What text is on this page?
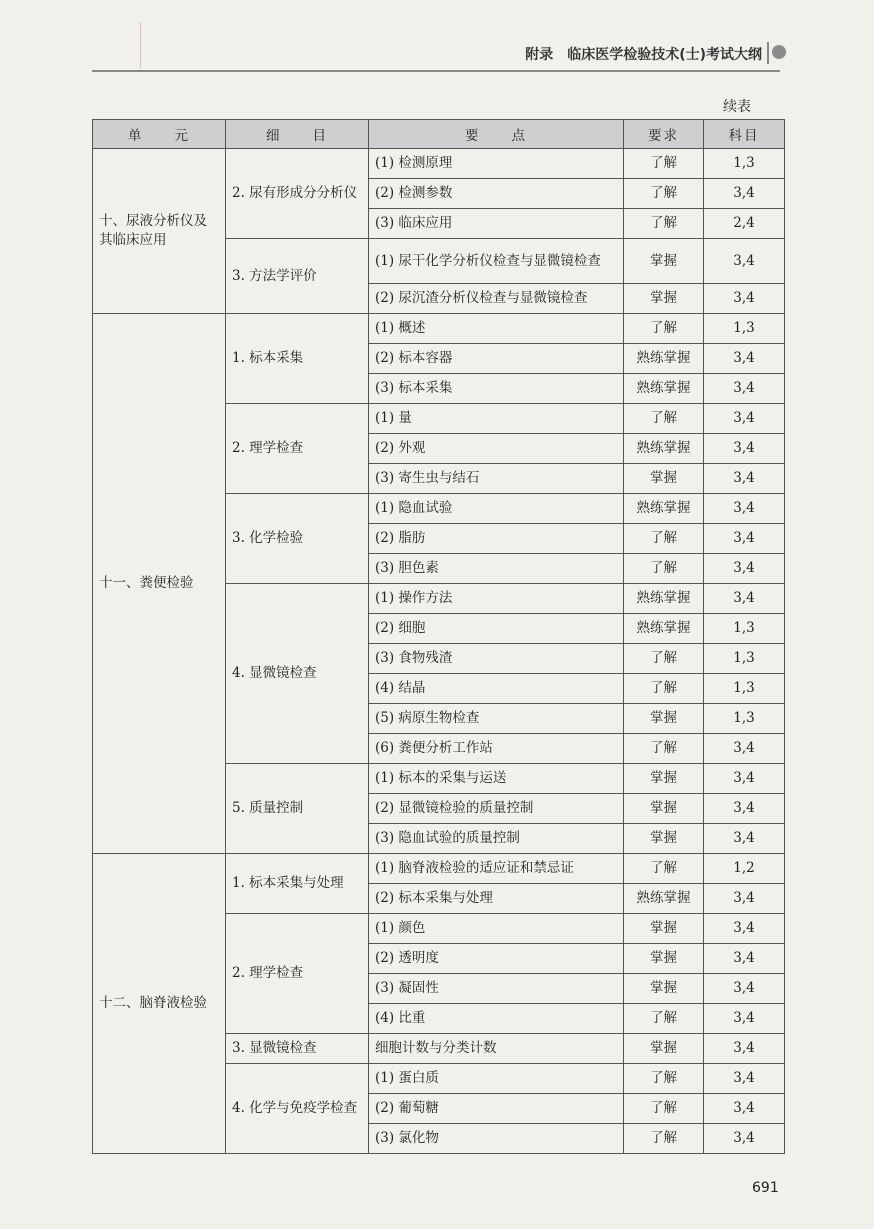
附录 临床医学检验技术(士)考试大纲
续表
单　　元	细　　目	要　　点	要求	科目
十、尿液分析仪及其临床应用	2. 尿有形成分分析仪	(1) 检测原理	了解	1,3
		(2) 检测参数	了解	3,4
		(3) 临床应用	了解	2,4
	3. 方法学评价	(1) 尿干化学分析仪检查与显微镜检查	掌握	3,4
		(2) 尿沉渣分析仪检查与显微镜检查	掌握	3,4
十一、粪便检验	1. 标本采集	(1) 概述	了解	1,3
		(2) 标本容器	熟练掌握	3,4
		(3) 标本采集	熟练掌握	3,4
	2. 理学检查	(1) 量	了解	3,4
		(2) 外观	熟练掌握	3,4
		(3) 寄生虫与结石	掌握	3,4
	3. 化学检验	(1) 隐血试验	熟练掌握	3,4
		(2) 脂肪	了解	3,4
		(3) 胆色素	了解	3,4
	4. 显微镜检查	(1) 操作方法	熟练掌握	3,4
		(2) 细胞	熟练掌握	1,3
		(3) 食物残渣	了解	1,3
		(4) 结晶	了解	1,3
		(5) 病原生物检查	掌握	1,3
		(6) 粪便分析工作站	了解	3,4
	5. 质量控制	(1) 标本的采集与运送	掌握	3,4
		(2) 显微镜检验的质量控制	掌握	3,4
		(3) 隐血试验的质量控制	掌握	3,4
十二、脑脊液检验	1. 标本采集与处理	(1) 脑脊液检验的适应证和禁忌证	了解	1,2
		(2) 标本采集与处理	熟练掌握	3,4
	2. 理学检查	(1) 颜色	掌握	3,4
		(2) 透明度	掌握	3,4
		(3) 凝固性	掌握	3,4
		(4) 比重	了解	3,4
	3. 显微镜检查	细胞计数与分类计数	掌握	3,4
	4. 化学与免疫学检查	(1) 蛋白质	了解	3,4
		(2) 葡萄糖	了解	3,4
		(3) 氯化物	了解	3,4
691
